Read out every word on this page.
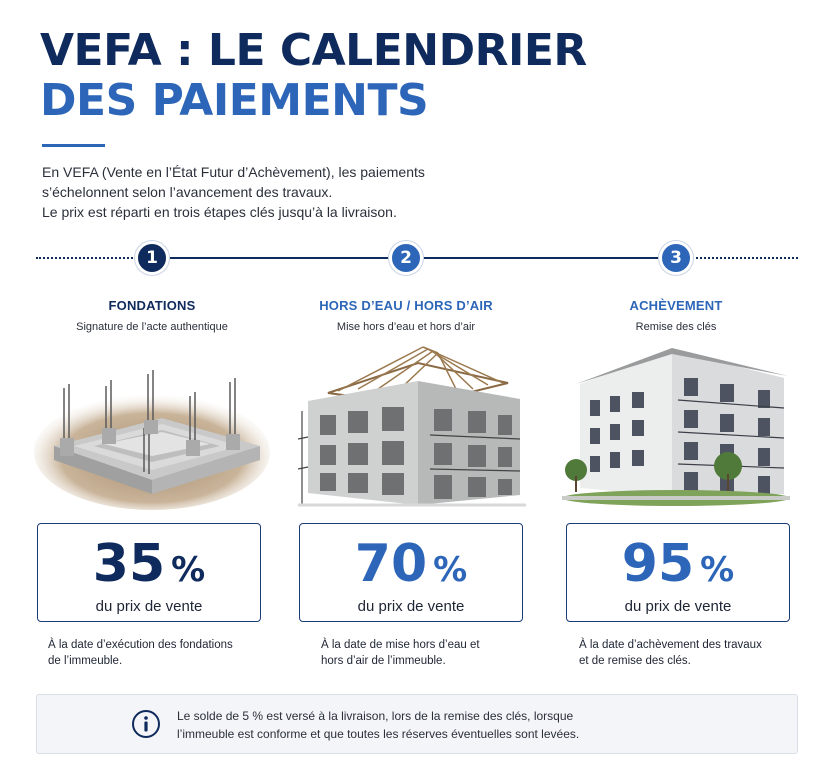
VEFA : LE CALENDRIER
DES PAIEMENTS
En VEFA (Vente en l’État Futur d’Achèvement), les paiements
s’échelonnent selon l’avancement des travaux.
Le prix est réparti en trois étapes clés jusqu’à la livraison.
1	2	3
FONDATIONS	HORS D’EAU / HORS D’AIR	ACHÈVEMENT
Signature de l’acte authentique	Mise hors d’eau et hors d’air	Remise des clés
35 %
du prix de vente
70 %
du prix de vente
95 %
du prix de vente
À la date d’exécution des fondations
de l’immeuble.
À la date de mise hors d’eau et
hors d’air de l’immeuble.
À la date d’achèvement des travaux
et de remise des clés.
Le solde de 5 % est versé à la livraison, lors de la remise des clés, lorsque
l’immeuble est conforme et que toutes les réserves éventuelles sont levées.
